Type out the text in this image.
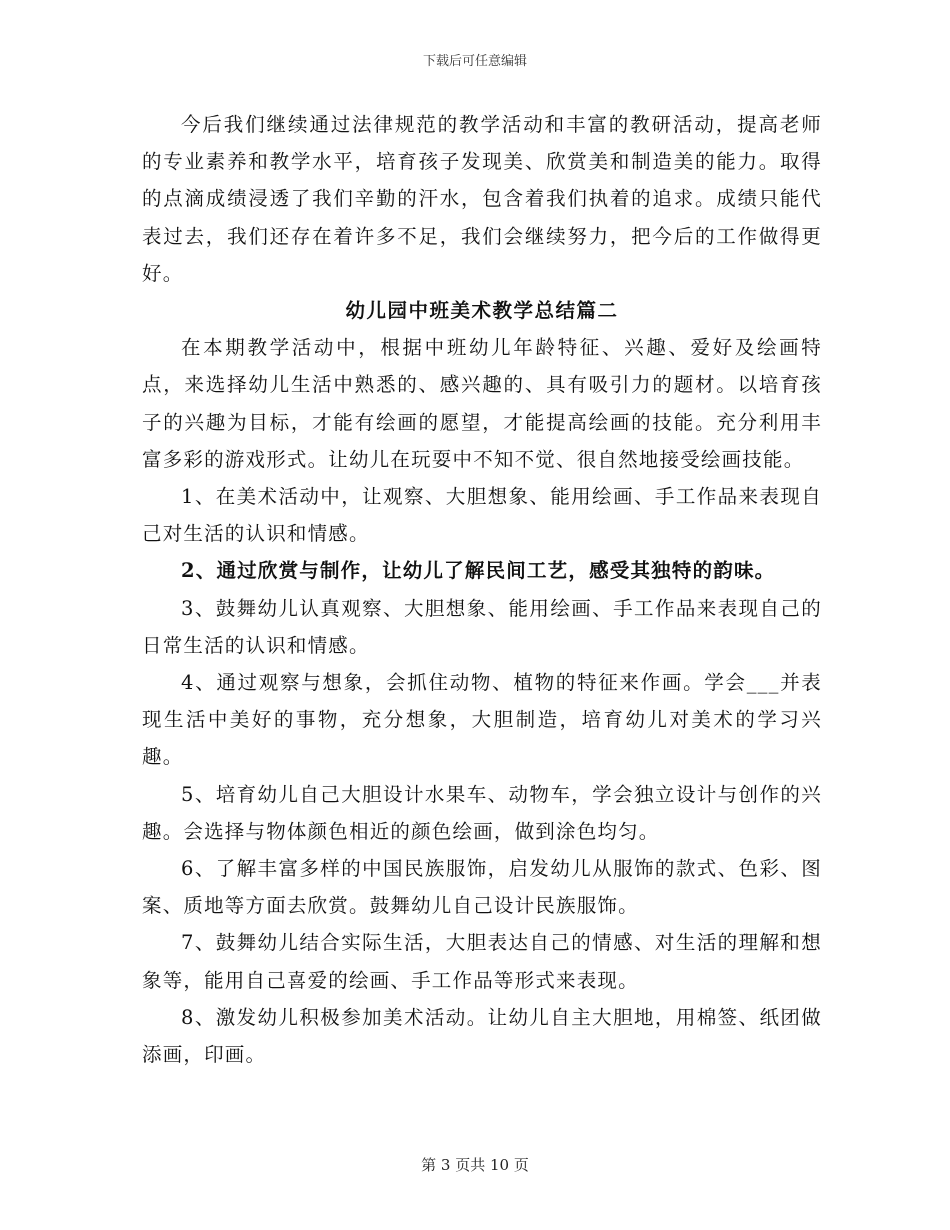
下载后可任意编辑

今后我们继续通过法律规范的教学活动和丰富的教研活动，提高老师的专业素养和教学水平，培育孩子发现美、欣赏美和制造美的能力。取得的点滴成绩浸透了我们辛勤的汗水，包含着我们执着的追求。成绩只能代表过去，我们还存在着许多不足，我们会继续努力，把今后的工作做得更好。

幼儿园中班美术教学总结篇二

在本期教学活动中，根据中班幼儿年龄特征、兴趣、爱好及绘画特点，来选择幼儿生活中熟悉的、感兴趣的、具有吸引力的题材。以培育孩子的兴趣为目标，才能有绘画的愿望，才能提高绘画的技能。充分利用丰富多彩的游戏形式。让幼儿在玩耍中不知不觉、很自然地接受绘画技能。

1、在美术活动中，让观察、大胆想象、能用绘画、手工作品来表现自己对生活的认识和情感。

2、通过欣赏与制作，让幼儿了解民间工艺，感受其独特的韵味。

3、鼓舞幼儿认真观察、大胆想象、能用绘画、手工作品来表现自己的日常生活的认识和情感。

4、通过观察与想象，会抓住动物、植物的特征来作画。学会___并表现生活中美好的事物，充分想象，大胆制造，培育幼儿对美术的学习兴趣。

5、培育幼儿自己大胆设计水果车、动物车，学会独立设计与创作的兴趣。会选择与物体颜色相近的颜色绘画，做到涂色均匀。

6、了解丰富多样的中国民族服饰，启发幼儿从服饰的款式、色彩、图案、质地等方面去欣赏。鼓舞幼儿自己设计民族服饰。

7、鼓舞幼儿结合实际生活，大胆表达自己的情感、对生活的理解和想象等，能用自己喜爱的绘画、手工作品等形式来表现。

8、激发幼儿积极参加美术活动。让幼儿自主大胆地，用棉签、纸团做添画，印画。

第 3 页共 10 页
